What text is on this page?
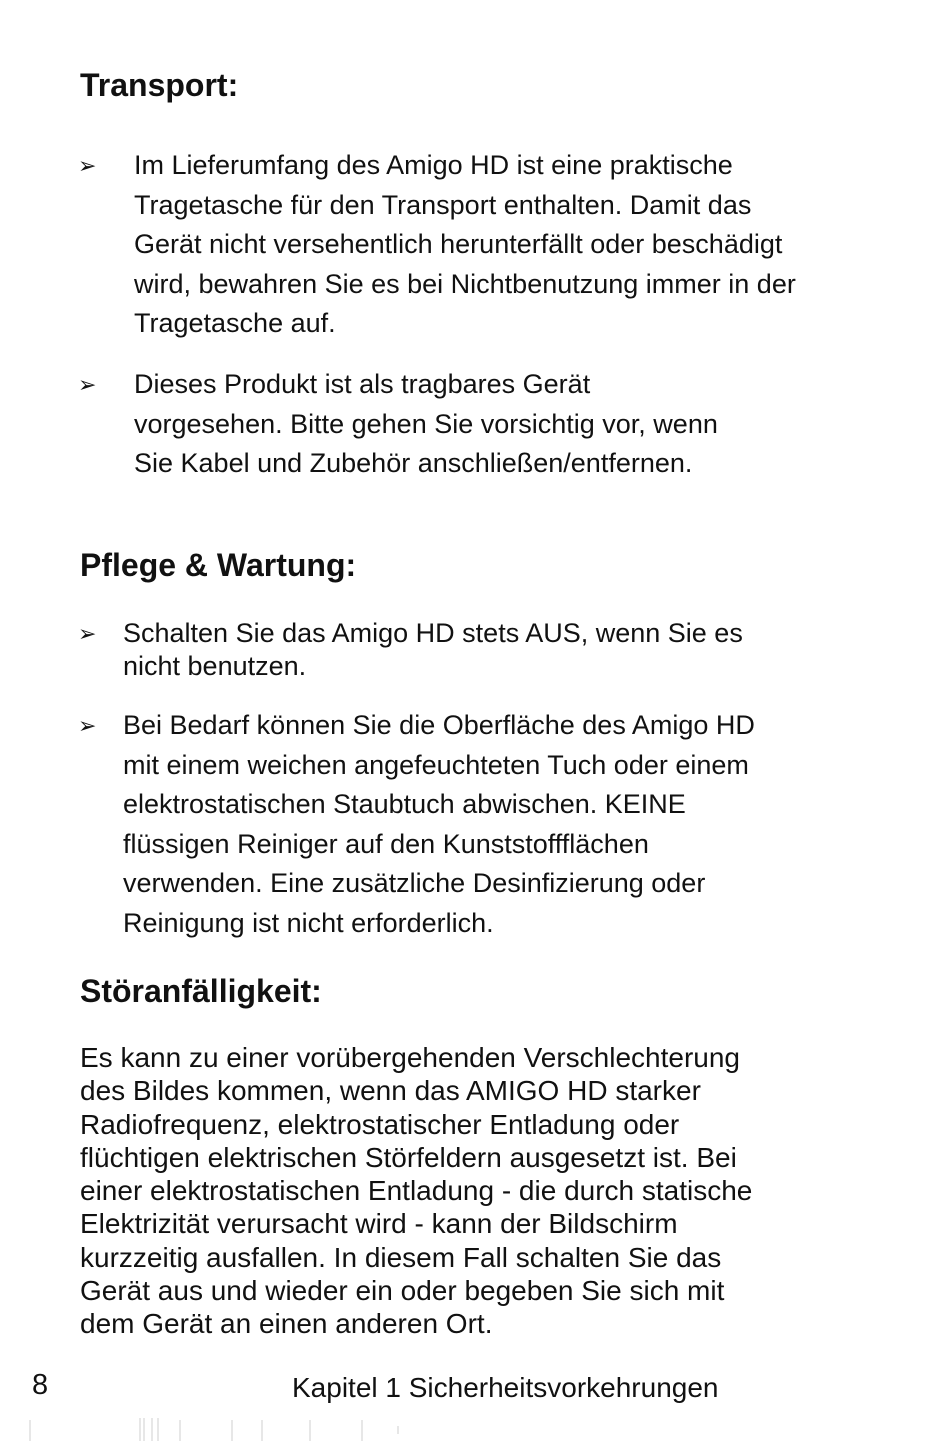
Transport:
➢ Im Lieferumfang des Amigo HD ist eine praktische
Tragetasche für den Transport enthalten. Damit das
Gerät nicht versehentlich herunterfällt oder beschädigt
wird, bewahren Sie es bei Nichtbenutzung immer in der
Tragetasche auf.
➢ Dieses Produkt ist als tragbares Gerät
vorgesehen. Bitte gehen Sie vorsichtig vor, wenn
Sie Kabel und Zubehör anschließen/entfernen.
Pflege & Wartung:
➢ Schalten Sie das Amigo HD stets AUS, wenn Sie es
nicht benutzen.
➢ Bei Bedarf können Sie die Oberfläche des Amigo HD
mit einem weichen angefeuchteten Tuch oder einem
elektrostatischen Staubtuch abwischen. KEINE
flüssigen Reiniger auf den Kunststoffflächen
verwenden. Eine zusätzliche Desinfizierung oder
Reinigung ist nicht erforderlich.
Störanfälligkeit:

Es kann zu einer vorübergehenden Verschlechterung
des Bildes kommen, wenn das AMIGO HD starker
Radiofrequenz, elektrostatischer Entladung oder
flüchtigen elektrischen Störfeldern ausgesetzt ist. Bei
einer elektrostatischen Entladung - die durch statische
Elektrizität verursacht wird - kann der Bildschirm
kurzzeitig ausfallen. In diesem Fall schalten Sie das
Gerät aus und wieder ein oder begeben Sie sich mit
dem Gerät an einen anderen Ort.

8	Kapitel 1 Sicherheitsvorkehrungen
